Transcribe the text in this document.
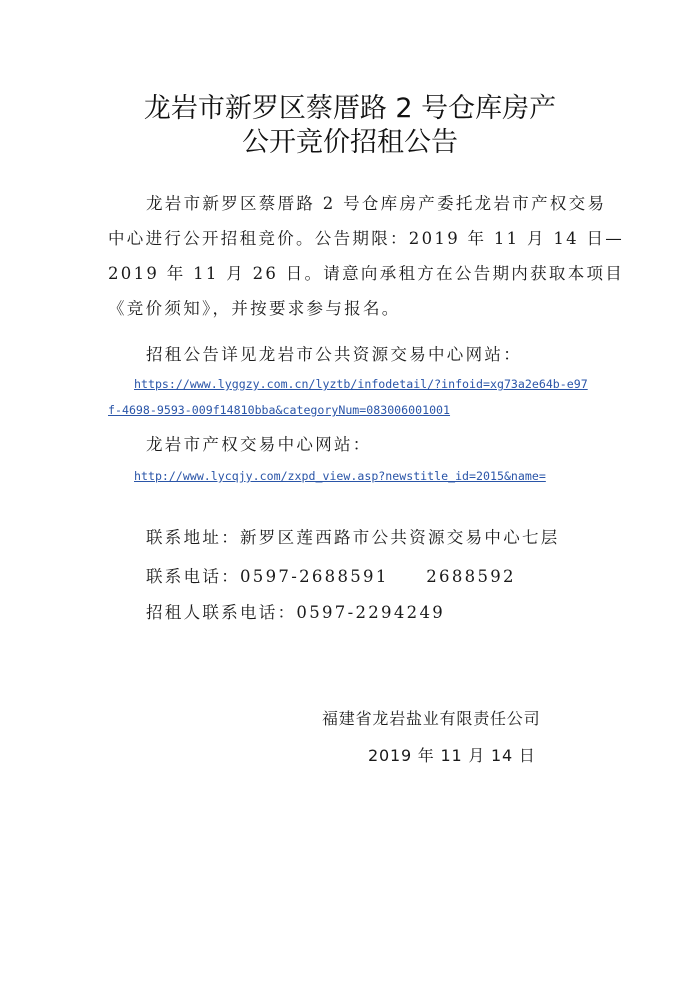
龙岩市新罗区蔡厝路 2 号仓库房产
公开竞价招租公告
龙岩市新罗区蔡厝路 2 号仓库房产委托龙岩市产权交易
中心进行公开招租竞价。公告期限：2019 年 11 月 14 日—
2019 年 11 月 26 日。请意向承租方在公告期内获取本项目
《竞价须知》，并按要求参与报名。
招租公告详见龙岩市公共资源交易中心网站：
https://www.lyggzy.com.cn/lyztb/infodetail/?infoid=xg73a2e64b-e97
f-4698-9593-009f14810bba&categoryNum=083006001001
龙岩市产权交易中心网站：
http://www.lycqjy.com/zxpd_view.asp?newstitle_id=2015&name=
联系地址：新罗区莲西路市公共资源交易中心七层
联系电话：0597-2688591　　2688592
招租人联系电话：0597-2294249
福建省龙岩盐业有限责任公司
2019 年 11 月 14 日
